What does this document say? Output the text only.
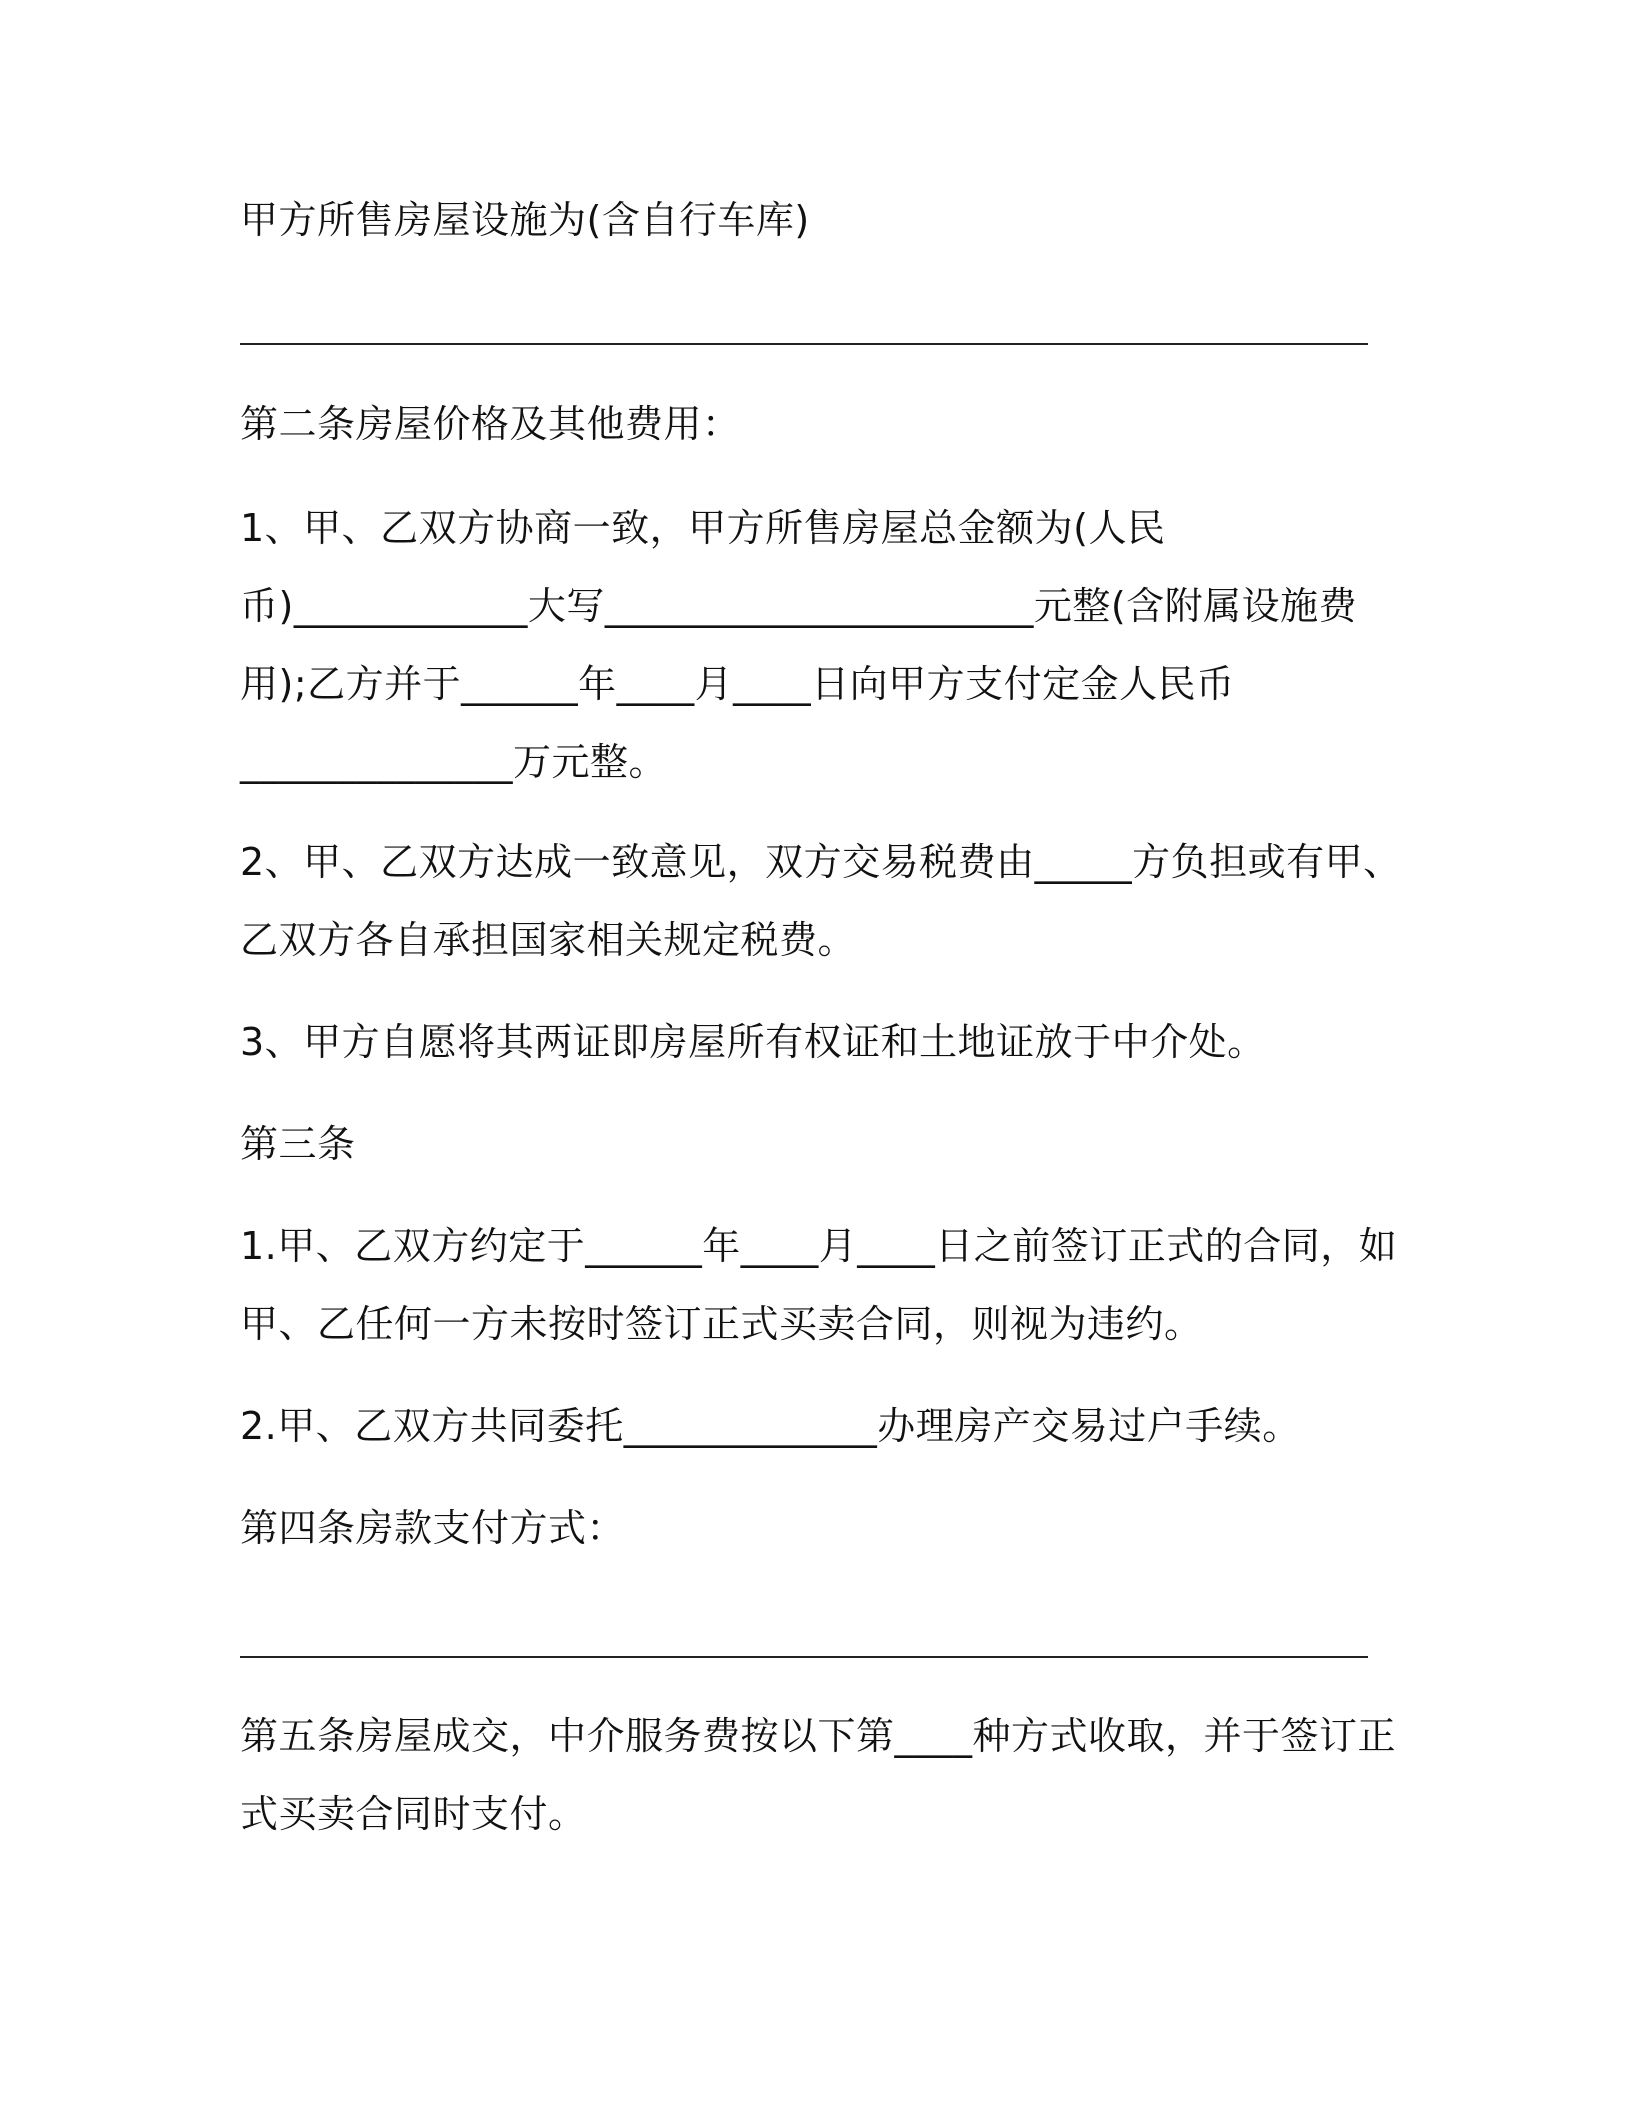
甲方所售房屋设施为(含自行车库)
第二条房屋价格及其他费用：
1、甲、乙双方协商一致，甲方所售房屋总金额为(人民
币)____________大写______________________元整(含附属设施费
用);乙方并于______年____月____日向甲方支付定金人民币
______________万元整。
2、甲、乙双方达成一致意见，双方交易税费由_____方负担或有甲、
乙双方各自承担国家相关规定税费。
3、甲方自愿将其两证即房屋所有权证和土地证放于中介处。
第三条
1.甲、乙双方约定于______年____月____日之前签订正式的合同，如
甲、乙任何一方未按时签订正式买卖合同，则视为违约。
2.甲、乙双方共同委托_____________办理房产交易过户手续。
第四条房款支付方式：
第五条房屋成交，中介服务费按以下第____种方式收取，并于签订正
式买卖合同时支付。
